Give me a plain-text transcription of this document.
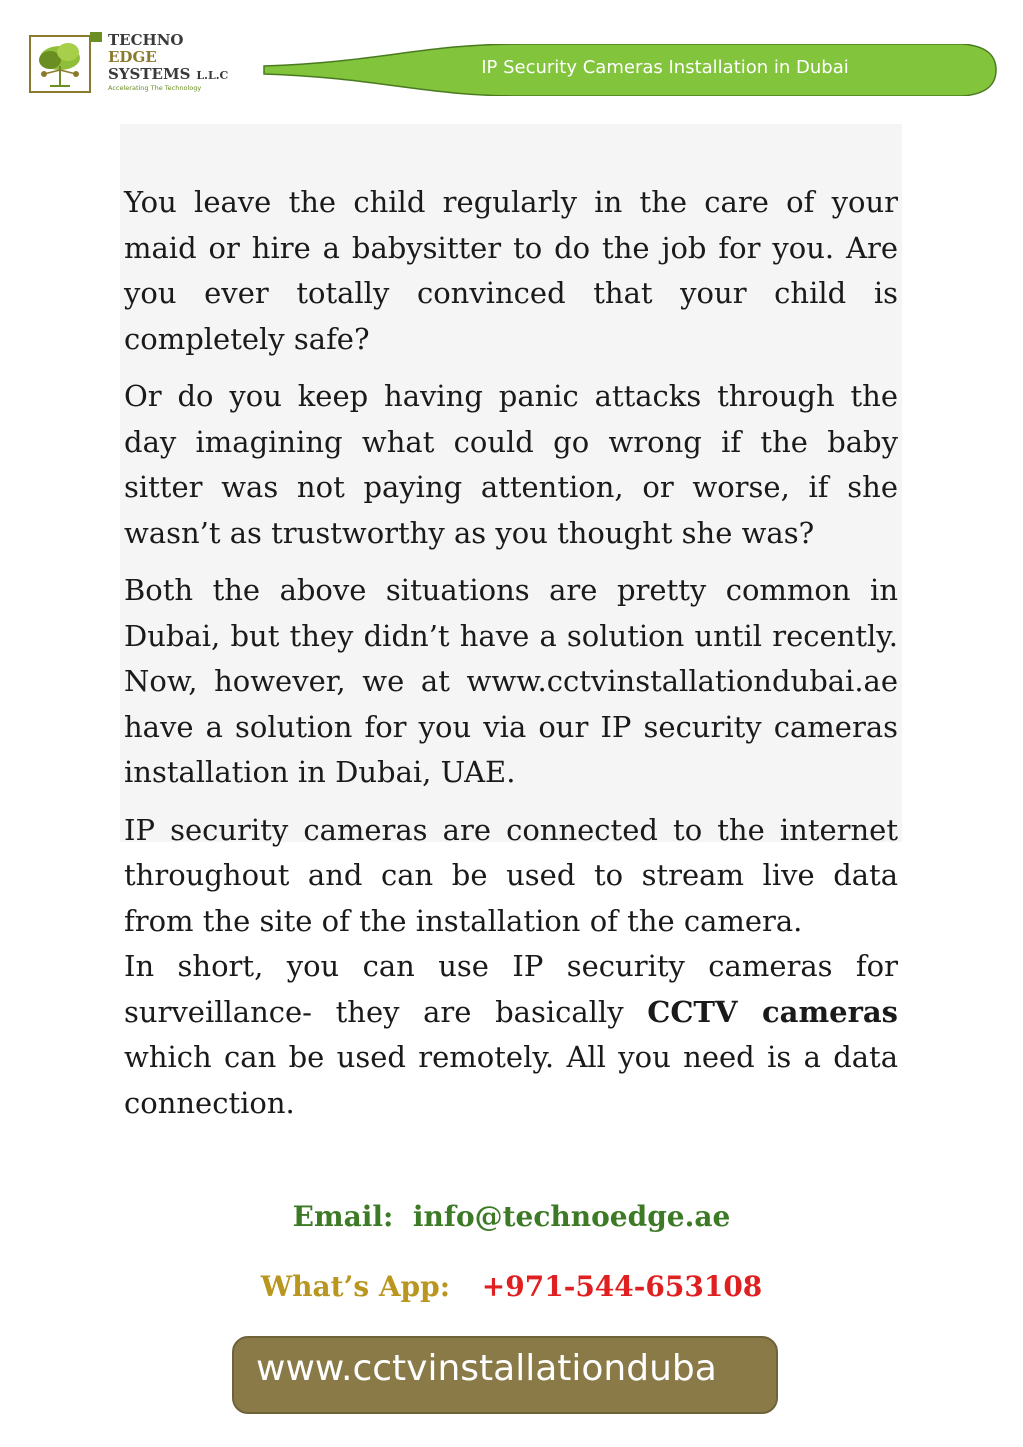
TECHNO
EDGE
SYSTEMS L.L.C
Accelerating The Technology
IP Security Cameras Installation in Dubai

You leave the child regularly in the care of your maid or hire a babysitter to do the job for you. Are you ever totally convinced that your child is completely safe?

Or do you keep having panic attacks through the day imagining what could go wrong if the baby sitter was not paying attention, or worse, if she wasn’t as trustworthy as you thought she was?

Both the above situations are pretty common in Dubai, but they didn’t have a solution until recently. Now, however, we at www.cctvinstallationdubai.ae have a solution for you via our IP security cameras installation in Dubai, UAE.

IP security cameras are connected to the internet throughout and can be used to stream live data from the site of the installation of the camera.

In short, you can use IP security cameras for surveillance- they are basically CCTV cameras which can be used remotely. All you need is a data connection.

Email: info@technoedge.ae
What’s App: +971-544-653108
www.cctvinstallationduba
